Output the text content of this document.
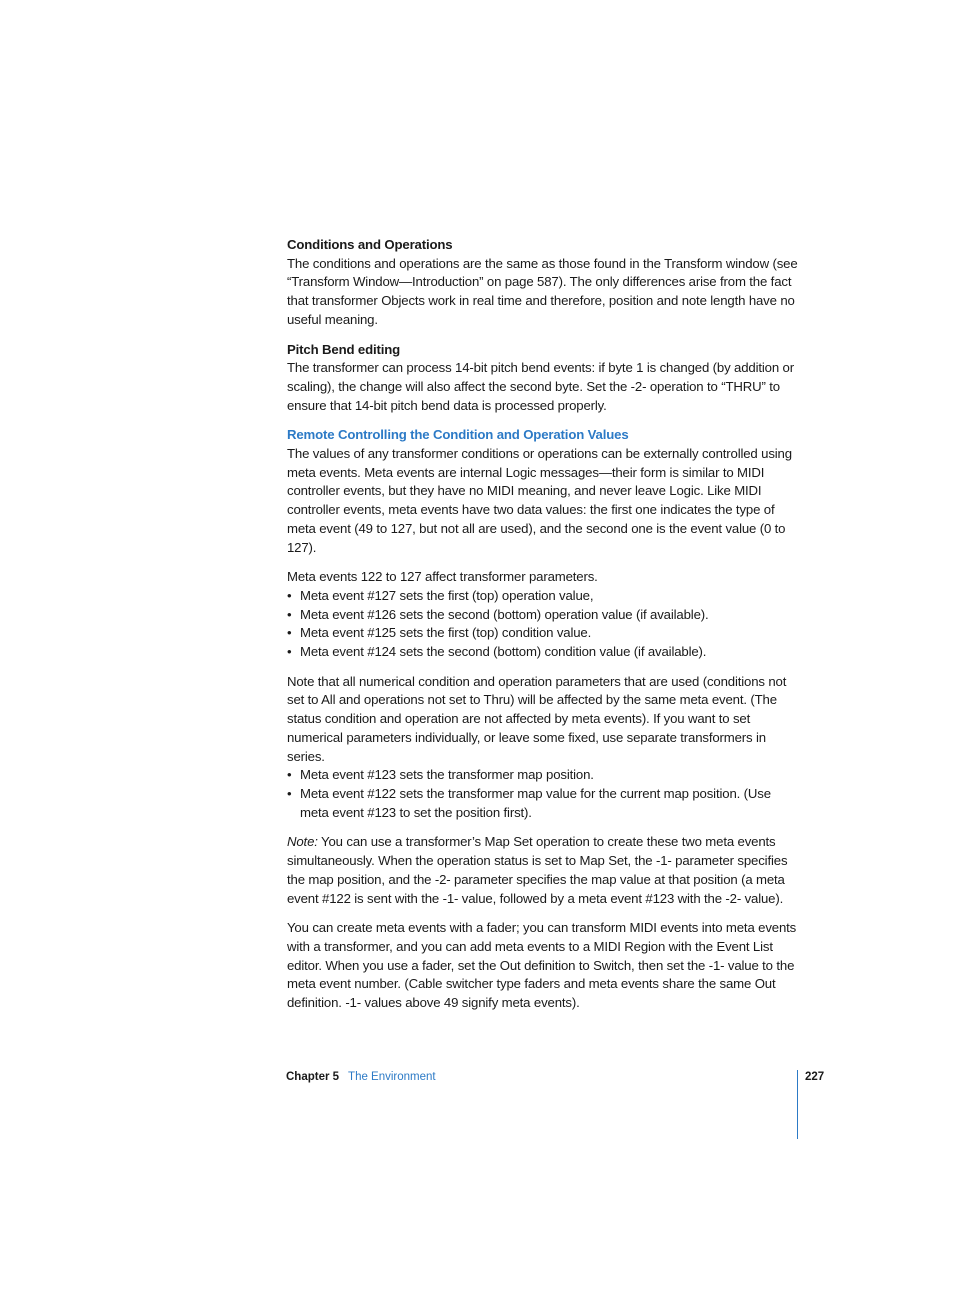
Conditions and Operations

The conditions and operations are the same as those found in the Transform window (see “Transform Window—Introduction” on page 587). The only differences arise from the fact that transformer Objects work in real time and therefore, position and note length have no useful meaning.

Pitch Bend editing

The transformer can process 14-bit pitch bend events: if byte 1 is changed (by addition or scaling), the change will also affect the second byte. Set the -2- operation to “THRU” to ensure that 14-bit pitch bend data is processed properly.

Remote Controlling the Condition and Operation Values

The values of any transformer conditions or operations can be externally controlled using meta events. Meta events are internal Logic messages—their form is similar to MIDI controller events, but they have no MIDI meaning, and never leave Logic. Like MIDI controller events, meta events have two data values: the first one indicates the type of meta event (49 to 127, but not all are used), and the second one is the event value (0 to 127).

Meta events 122 to 127 affect transformer parameters.

• Meta event #127 sets the first (top) operation value,
• Meta event #126 sets the second (bottom) operation value (if available).
• Meta event #125 sets the first (top) condition value.
• Meta event #124 sets the second (bottom) condition value (if available).

Note that all numerical condition and operation parameters that are used (conditions not set to All and operations not set to Thru) will be affected by the same meta event. (The status condition and operation are not affected by meta events). If you want to set numerical parameters individually, or leave some fixed, use separate transformers in series.

• Meta event #123 sets the transformer map position.
• Meta event #122 sets the transformer map value for the current map position. (Use meta event #123 to set the position first).

Note: You can use a transformer’s Map Set operation to create these two meta events simultaneously. When the operation status is set to Map Set, the -1- parameter specifies the map position, and the -2- parameter specifies the map value at that position (a meta event #122 is sent with the -1- value, followed by a meta event #123 with the -2- value).

You can create meta events with a fader; you can transform MIDI events into meta events with a transformer, and you can add meta events to a MIDI Region with the Event List editor. When you use a fader, set the Out definition to Switch, then set the -1- value to the meta event number. (Cable switcher type faders and meta events share the same Out definition. -1- values above 49 signify meta events).

Chapter 5 The Environment	227
